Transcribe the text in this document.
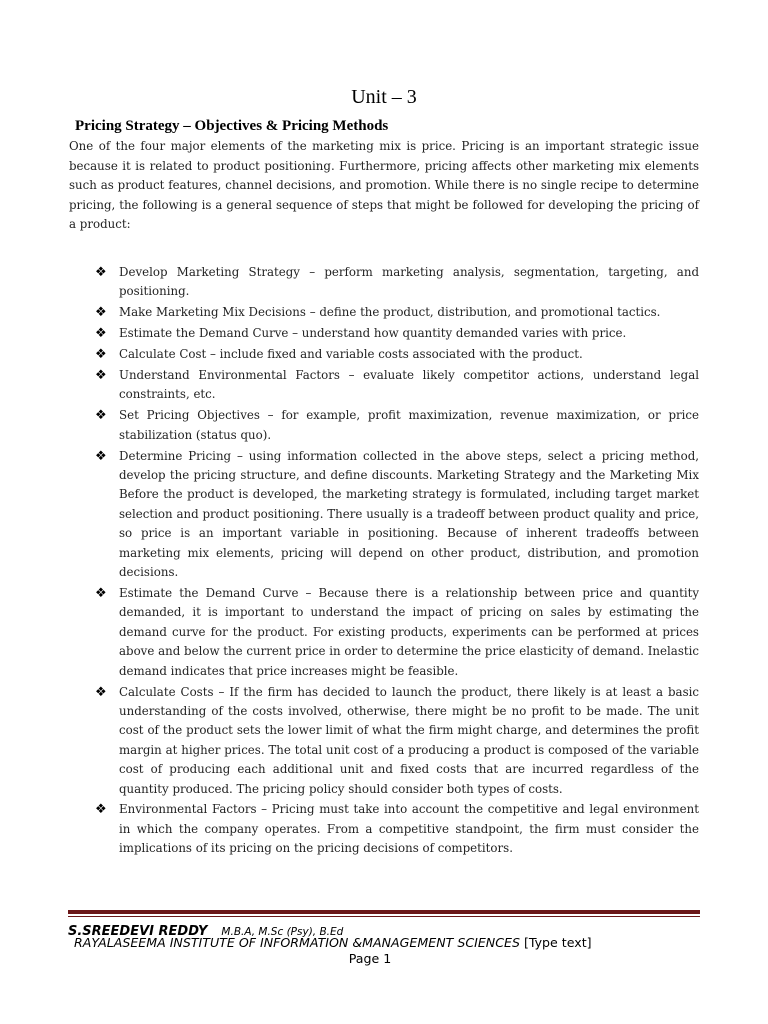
Unit – 3
Pricing Strategy – Objectives & Pricing Methods

One of the four major elements of the marketing mix is price. Pricing is an important strategic issue because it is related to product positioning. Furthermore, pricing affects other marketing mix elements such as product features, channel decisions, and promotion. While there is no single recipe to determine pricing, the following is a general sequence of steps that might be followed for developing the pricing of a product:

❖ Develop Marketing Strategy – perform marketing analysis, segmentation, targeting, and positioning.
❖ Make Marketing Mix Decisions – define the product, distribution, and promotional tactics.
❖ Estimate the Demand Curve – understand how quantity demanded varies with price.
❖ Calculate Cost – include fixed and variable costs associated with the product.
❖ Understand Environmental Factors – evaluate likely competitor actions, understand legal constraints, etc.
❖ Set Pricing Objectives – for example, profit maximization, revenue maximization, or price stabilization (status quo).
❖ Determine Pricing – using information collected in the above steps, select a pricing method, develop the pricing structure, and define discounts. Marketing Strategy and the Marketing Mix Before the product is developed, the marketing strategy is formulated, including target market selection and product positioning. There usually is a tradeoff between product quality and price, so price is an important variable in positioning. Because of inherent tradeoffs between marketing mix elements, pricing will depend on other product, distribution, and promotion decisions.
❖ Estimate the Demand Curve – Because there is a relationship between price and quantity demanded, it is important to understand the impact of pricing on sales by estimating the demand curve for the product. For existing products, experiments can be performed at prices above and below the current price in order to determine the price elasticity of demand. Inelastic demand indicates that price increases might be feasible.
❖ Calculate Costs – If the firm has decided to launch the product, there likely is at least a basic understanding of the costs involved, otherwise, there might be no profit to be made. The unit cost of the product sets the lower limit of what the firm might charge, and determines the profit margin at higher prices. The total unit cost of a producing a product is composed of the variable cost of producing each additional unit and fixed costs that are incurred regardless of the quantity produced. The pricing policy should consider both types of costs.
❖ Environmental Factors – Pricing must take into account the competitive and legal environment in which the company operates. From a competitive standpoint, the firm must consider the implications of its pricing on the pricing decisions of competitors.
S.SREEDEVI REDDY M.B.A, M.Sc (Psy), B.Ed
RAYALASEEMA INSTITUTE OF INFORMATION &MANAGEMENT SCIENCES [Type text]
Page 1
